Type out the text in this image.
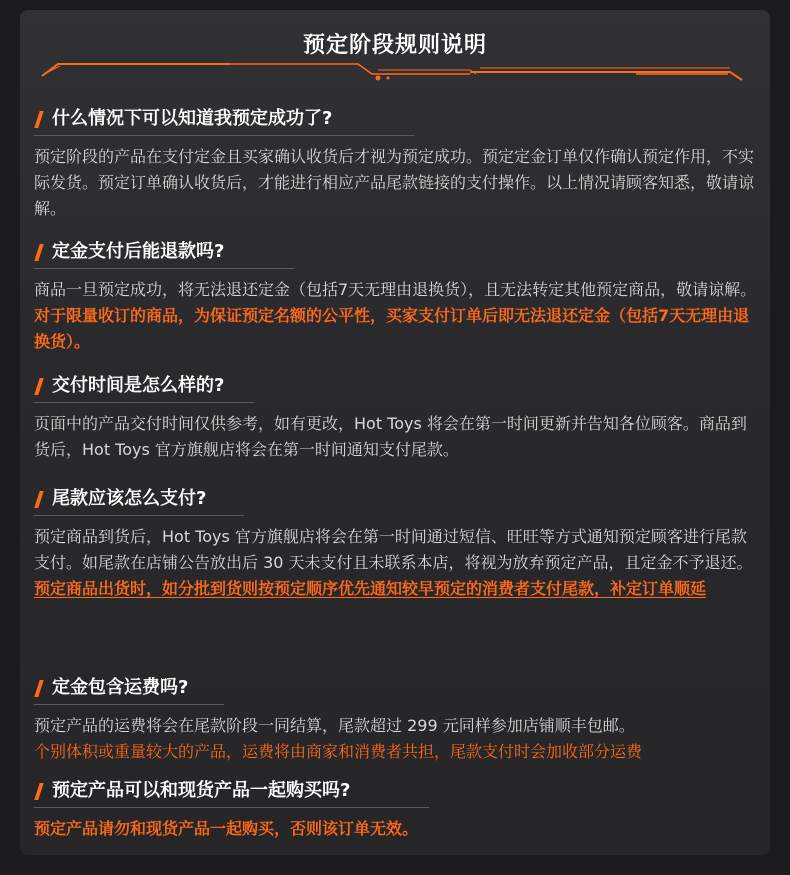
预定阶段规则说明
什么情况下可以知道我预定成功了?
预定阶段的产品在支付定金且买家确认收货后才视为预定成功。预定定金订单仅作确认预定作用，不实际发货。预定订单确认收货后，才能进行相应产品尾款链接的支付操作。以上情况请顾客知悉，敬请谅解。
定金支付后能退款吗?
商品一旦预定成功，将无法退还定金（包括7天无理由退换货），且无法转定其他预定商品，敬请谅解。对于限量收订的商品，为保证预定名额的公平性，买家支付订单后即无法退还定金（包括7天无理由退换货）。
交付时间是怎么样的?
页面中的产品交付时间仅供参考，如有更改，Hot Toys 将会在第一时间更新并告知各位顾客。商品到货后，Hot Toys 官方旗舰店将会在第一时间通知支付尾款。
尾款应该怎么支付?
预定商品到货后，Hot Toys 官方旗舰店将会在第一时间通过短信、旺旺等方式通知预定顾客进行尾款支付。如尾款在店铺公告放出后 30 天未支付且未联系本店，将视为放弃预定产品，且定金不予退还。
预定商品出货时，如分批到货则按预定顺序优先通知较早预定的消费者支付尾款，补定订单顺延
定金包含运费吗?
预定产品的运费将会在尾款阶段一同结算，尾款超过 299 元同样参加店铺顺丰包邮。
个别体积或重量较大的产品，运费将由商家和消费者共担，尾款支付时会加收部分运费
预定产品可以和现货产品一起购买吗?
预定产品请勿和现货产品一起购买，否则该订单无效。
